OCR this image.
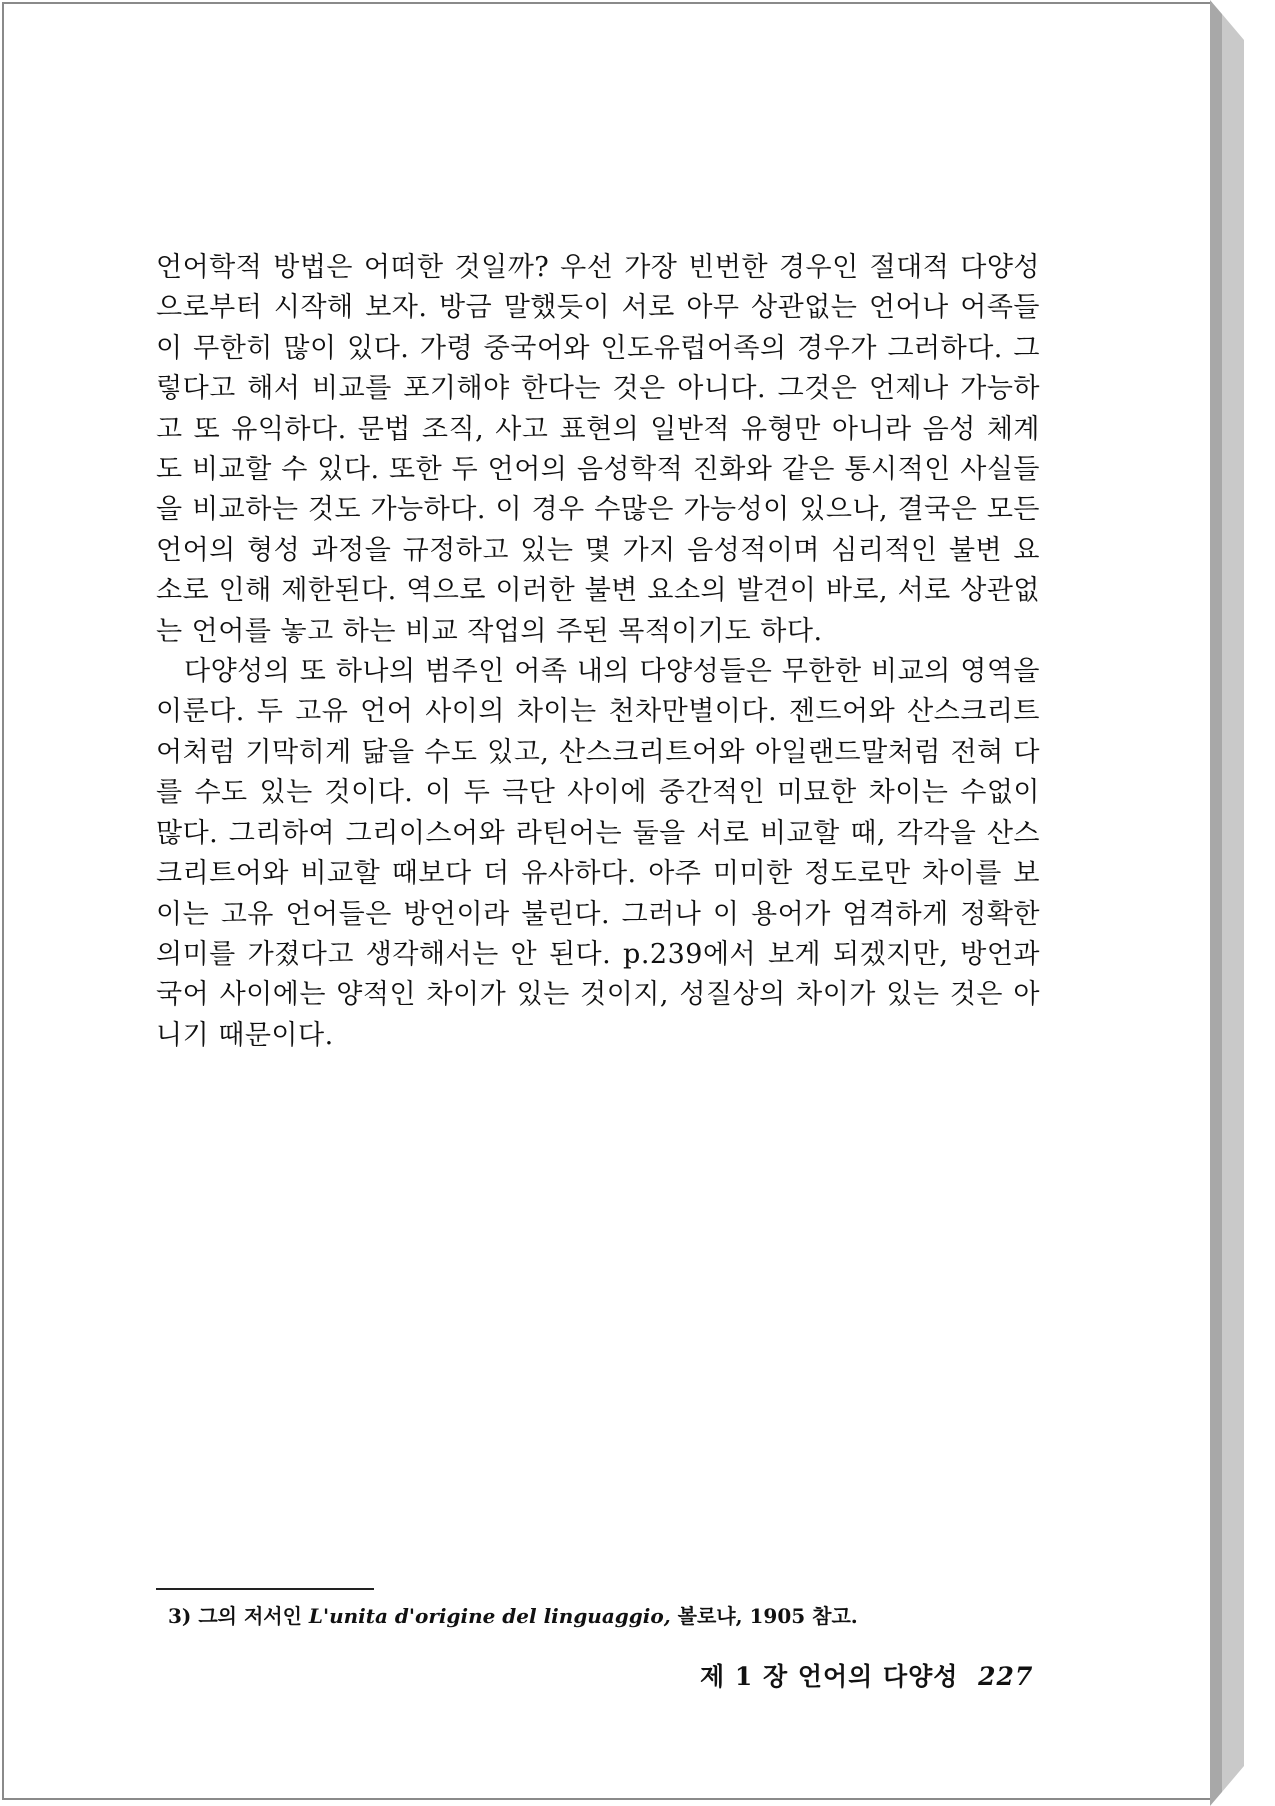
언어학적 방법은 어떠한 것일까? 우선 가장 빈번한 경우인 절대적 다양성으로부터 시작해 보자. 방금 말했듯이 서로 아무 상관없는 언어나 어족들이 무한히 많이 있다. 가령 중국어와 인도유럽어족의 경우가 그러하다. 그렇다고 해서 비교를 포기해야 한다는 것은 아니다. 그것은 언제나 가능하고 또 유익하다. 문법 조직, 사고 표현의 일반적 유형만 아니라 음성 체계도 비교할 수 있다. 또한 두 언어의 음성학적 진화와 같은 통시적인 사실들을 비교하는 것도 가능하다. 이 경우 수많은 가능성이 있으나, 결국은 모든 언어의 형성 과정을 규정하고 있는 몇 가지 음성적이며 심리적인 불변 요소로 인해 제한된다. 역으로 이러한 불변 요소의 발견이 바로, 서로 상관없는 언어를 놓고 하는 비교 작업의 주된 목적이기도 하다.

다양성의 또 하나의 범주인 어족 내의 다양성들은 무한한 비교의 영역을 이룬다. 두 고유 언어 사이의 차이는 천차만별이다. 젠드어와 산스크리트어처럼 기막히게 닮을 수도 있고, 산스크리트어와 아일랜드말처럼 전혀 다를 수도 있는 것이다. 이 두 극단 사이에 중간적인 미묘한 차이는 수없이 많다. 그리하여 그리이스어와 라틴어는 둘을 서로 비교할 때, 각각을 산스크리트어와 비교할 때보다 더 유사하다. 아주 미미한 정도로만 차이를 보이는 고유 언어들은 방언이라 불린다. 그러나 이 용어가 엄격하게 정확한 의미를 가졌다고 생각해서는 안 된다. p.239에서 보게 되겠지만, 방언과 국어 사이에는 양적인 차이가 있는 것이지, 성질상의 차이가 있는 것은 아니기 때문이다.

3) 그의 저서인 L'unita d'origine del linguaggio, 볼로냐, 1905 참고.
제 1 장 언어의 다양성 227
